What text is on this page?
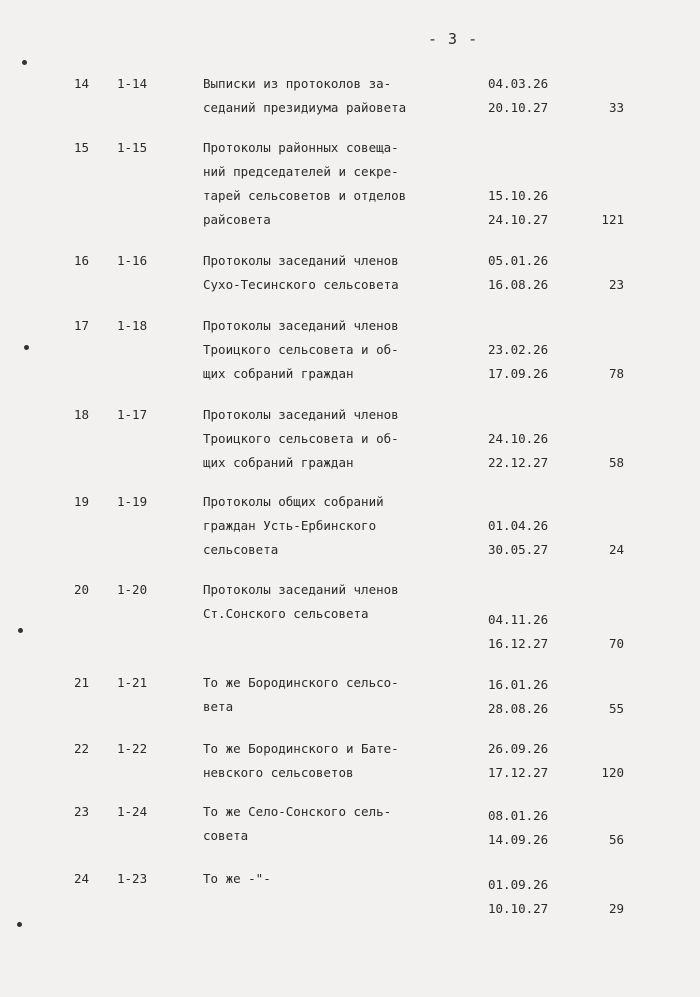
- 3 -
14 1-14	Выписки из протоколов за-
седаний президиума райовета
04.03.26
20.10.27	33
15 1-15	Протоколы районных совеща-
ний председателей и секре-
тарей сельсоветов и отделов
райсовета
15.10.26
24.10.27	121
16 1-16	Протоколы заседаний членов
Сухо-Тесинского сельсовета
05.01.26
16.08.26	23
17 1-18	Протоколы заседаний членов
Троицкого сельсовета и об-
щих собраний граждан
23.02.26
17.09.26	78
18 1-17	Протоколы заседаний членов
Троицкого сельсовета и об-
щих собраний граждан
24.10.26
22.12.27	58
19 1-19	Протоколы общих собраний
граждан Усть-Ербинского
сельсовета
01.04.26
30.05.27	24
20 1-20	Протоколы заседаний членов
Ст.Сонского сельсовета	04.11.26
16.12.27	70
21 1-21	То же Бородинского сельсо-
вета
16.01.26
28.08.26	55
22 1-22	То же Бородинского и Бате-
невского сельсоветов
26.09.26
17.12.27	120
23 1-24	То же Село-Сонского сель-
совета
08.01.26
14.09.26	56
24 1-23	То же -"-	01.09.26
10.10.27	29
